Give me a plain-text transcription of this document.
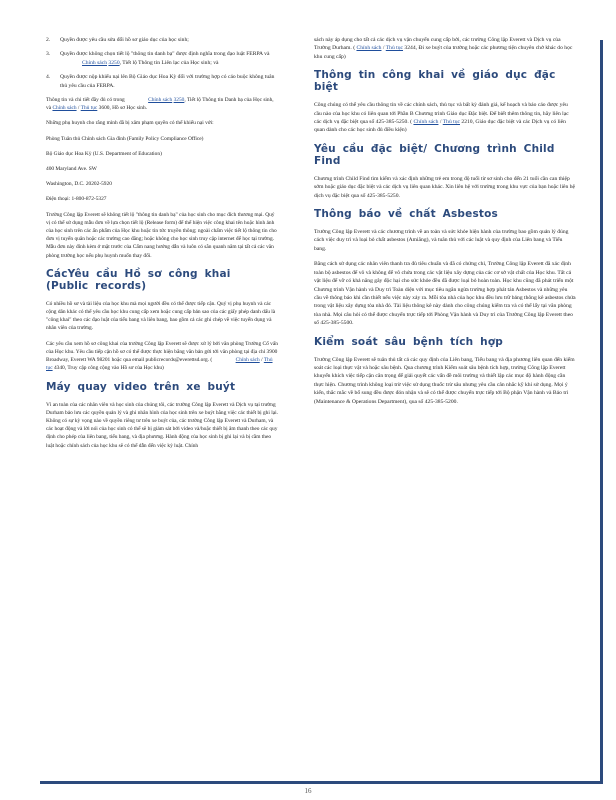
2.	Quyền được yêu cầu sửa đổi hồ sơ giáo dục của học sinh;
3.	Quyền được không chọn tiết lộ "thông tin danh bạ" được định nghĩa trong đạo luật FERPA và Chính sách 3250, Tiết lộ Thông tin Liên lạc của Học sinh; và
4.	Quyền được nộp khiếu nại lên Bộ Giáo dục Hoa Kỳ đối với trường hợp có cáo buộc không tuân thủ yêu cầu của FERPA.

Thông tin và chi tiết đầy đủ có trong	Chính sách 3250, Tiết lộ Thông tin Danh bạ của Học sinh, và Chính sách / Thủ tục 3600, Hồ sơ Học sinh.

Những phụ huynh cho rằng mình đã bị xâm phạm quyền có thể khiếu nại với:

Phòng Tuân thủ Chính sách Gia đình (Family Policy Compliance Office)

Bộ Giáo dục Hoa Kỳ (U.S. Department of Education)

400 Maryland Ave. SW

Washington, D.C. 20202-5920

Điện thoại: 1-800-872-5327

Trường Công lập Everett sẽ không tiết lộ "thông tin danh bạ" của học sinh cho mục đích thương mại. Quý vị có thể sử dụng mẫu đơn về lựa chọn tiết lộ (Release form) để thể hiện việc công khai tên hoặc hình ảnh của học sinh trên các ấn phẩm của Học khu hoặc tin tức truyền thông; ngoài chấm việc tiết lộ thông tin cho đơn vị tuyển quân hoặc các trường cao đẳng; hoặc không cho học sinh truy cập internet để học tại trường. Mẫu đơn này đính kèm ở mặt trước của Cẩm nang hướng dẫn và luôn có sẵn quanh năm tại tất cả các văn phòng trường học nếu phụ huynh muốn thay đổi.

CácYêu cầu Hồ sơ công khai (Public records)

Có nhiều hồ sơ và tài liệu của học khu mà mọi người đều có thể được tiếp cận. Quý vị phụ huynh và các cộng dân khác có thể yêu cầu học khu cung cấp xem hoặc cung cấp bản sao của các giấy phép danh dấu là "công khai" theo các đạo luật của tiểu bang và liên bang, bao gồm cả các ghi chép về việc tuyển dụng và nhân viên của trường.

Các yêu cầu xem hồ sơ công khai của trường Công lập Everett sẽ được xử lý bởi văn phòng Trường Cố vấn của Học khu. Yêu cầu tiếp cận hồ sơ có thể được thực hiện bằng văn bản gửi tới văn phòng tại địa chỉ 3900 Broadway, Everett WA 98201 hoặc qua email publicrecords@everettsd.org. (	Chính sách / Thủ tục 4340, Truy cập công cộng vào Hồ sơ của Học khu)

Máy quay video trên xe buýt

Vì an toàn của các nhân viên và học sinh của chúng tôi, các trường Công lập Everett và Dịch vụ tại trường Durham bảo lưu các quyền quản lý và ghi nhân hình của học sinh trên xe buýt bằng việc các thiết bị ghi lại. Không có sự kỳ vọng nào về quyền riêng tư trên xe buýt của, các trường Công lập Everett và Durham, và các hoạt động và lời nói của học sinh có thể sẽ bị giám sát bởi video và/hoặc thiết bị âm thanh theo các quy định cho phép của liên bang, tiểu bang, và địa phương. Hành động của học sinh bị ghi lại và bị cầm theo luật hoặc chính sách của học khu sẽ có thể dẫn đến việc kỷ luật. Chính

sách này áp dụng cho tất cả các dịch vụ vận chuyển cung cấp bởi, các trường Công lập Everett và Dịch vụ của Trường Durham. ( Chính sách / Thủ tục 3244, Đi xe buýt của trường hoặc các phương tiện chuyên chở khác do học khu cung cấp)

Thông tin công khai về giáo dục đặc biệt

Công chúng có thể yêu cầu thông tin về các chính sách, thủ tục và bất kỳ đánh giá, kế hoạch và báo cáo được yêu cầu nào của học khu có liên quan tới Phần B Chương trình Giáo dục Đặc biệt. Để biết thêm thông tin, hãy liên lạc các dịch vụ đặc biệt qua số 425-385-5250. ( Chính sách / Thủ tục 2210, Giáo dục đặc biệt và các Dịch vụ có liên quan dành cho các học sinh đủ điều kiện)

Yêu cầu đặc biệt/ Chương trình Child Find

Chương trình Child Find tìm kiếm và xác định những trẻ em trong độ tuổi từ sơ sinh cho đến 21 tuổi cần can thiệp sớm hoặc giáo dục đặc biệt và các dịch vụ liên quan khác. Xin liên hệ với trường trong khu vực của bạn hoặc liên hệ dịch vụ đặc biệt qua số 425-385-5250.

Thông báo về chất Asbestos

Trường Công lập Everett và các chương trình về an toàn và sức khỏe hiện hành của trường bao gồm quản lý đúng cách việc duy trì và loại bỏ chất asbestos (Amiăng), và tuân thủ với các luật và quy định của Liên bang và Tiểu bang.

Bằng cách sử dụng các nhân viên thanh tra đủ tiêu chuẩn và đã có chứng chỉ, Trường Công lập Everett đã xác định toàn bộ asbestos để vô và không để vô chứa trong các vật liệu xây dựng của các cơ sở vật chất của Học khu. Tất cả vật liệu để vỡ có khả năng gây độc hại cho sức khỏe đều đã được loại bỏ hoàn toàn. Học khu cũng đã phát triển một Chương trình Vận hành và Duy trì Toàn diện với mục tiêu ngăn ngừa trường hợp phát tán Asbestos và những yêu cầu về thông báo khi cần thiết nếu việc này xảy ra. Mỗi tòa nhà của học khu đều lưu trữ bảng thông kê asbestos chứa trong vật liệu xây dựng tòa nhà đó. Tài liệu thông kê này dành cho công chúng kiểm tra và có thể lấy tại văn phòng tòa nhà. Mọi câu hỏi có thể được chuyển trực tiếp tới Phòng Vận hành và Duy trì của Trường Công lập Everett theo số 425-385-5500.

Kiểm soát sâu bệnh tích hợp

Trường Công lập Everett sẽ tuân thủ tất cả các quy định của Liên bang, Tiểu bang và địa phương liên quan đến kiểm soát các loại thực vật và hoặc sâu bệnh. Qua chương trình Kiểm soát sâu bệnh tích hợp, trường Công lập Everett khuyến khích việc tiếp cận căn trọng để giải quyết các vấn đề môi trường và thiết lập các mục độ hành động cần thực hiện. Chương trình không loại trừ việc sử dụng thuốc trừ sâu nhưng yêu cầu cân nhắc kỹ khi sử dụng. Mọi ý kiến, thắc mắc về bổ sung đều được đón nhận và sẽ có thể được chuyển trực tiếp tới Bộ phận Vận hành và Bảo trì (Maintenance & Operations Department), qua số 425-385-5200.

16
